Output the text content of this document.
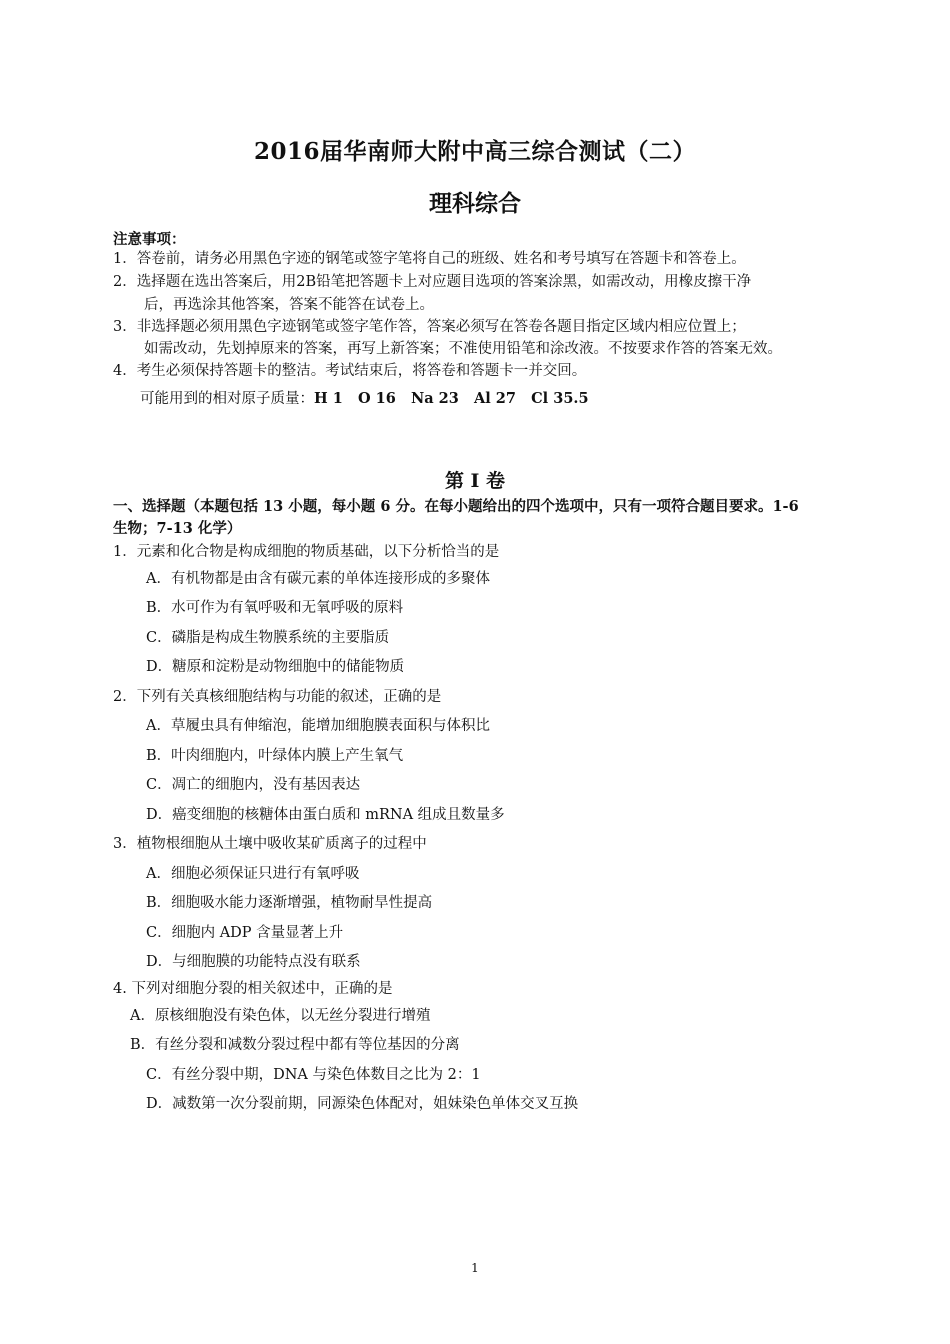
2016届华南师大附中高三综合测试（二）
理科综合
注意事项：
1．答卷前，请务必用黑色字迹的钢笔或签字笔将自己的班级、姓名和考号填写在答题卡和答卷上。
2．选择题在选出答案后，用2B铅笔把答题卡上对应题目选项的答案涂黑，如需改动，用橡皮擦干净
后，再选涂其他答案，答案不能答在试卷上。
3．非选择题必须用黑色字迹钢笔或签字笔作答，答案必须写在答卷各题目指定区域内相应位置上；
如需改动，先划掉原来的答案，再写上新答案；不准使用铅笔和涂改液。不按要求作答的答案无效。
4．考生必须保持答题卡的整洁。考试结束后，将答卷和答题卡一并交回。
可能用到的相对原子质量：H 1   O 16   Na 23   Al 27   Cl 35.5
第 I 卷
一、选择题（本题包括 13 小题，每小题 6 分。在每小题给出的四个选项中，只有一项符合题目要求。1-6
生物；7-13 化学）
1．元素和化合物是构成细胞的物质基础，以下分析恰当的是
A．有机物都是由含有碳元素的单体连接形成的多聚体
B．水可作为有氧呼吸和无氧呼吸的原料
C．磷脂是构成生物膜系统的主要脂质
D．糖原和淀粉是动物细胞中的储能物质
2．下列有关真核细胞结构与功能的叙述，正确的是
A．草履虫具有伸缩泡，能增加细胞膜表面积与体积比
B．叶肉细胞内，叶绿体内膜上产生氧气
C．凋亡的细胞内，没有基因表达
D．癌变细胞的核糖体由蛋白质和 mRNA 组成且数量多
3．植物根细胞从土壤中吸收某矿质离子的过程中
A．细胞必须保证只进行有氧呼吸
B．细胞吸水能力逐渐增强，植物耐旱性提高
C．细胞内 ADP 含量显著上升
D．与细胞膜的功能特点没有联系
4. 下列对细胞分裂的相关叙述中，正确的是
A．原核细胞没有染色体，以无丝分裂进行增殖
B．有丝分裂和减数分裂过程中都有等位基因的分离
C．有丝分裂中期，DNA 与染色体数目之比为 2：1
D．减数第一次分裂前期，同源染色体配对，姐妹染色单体交叉互换
1
